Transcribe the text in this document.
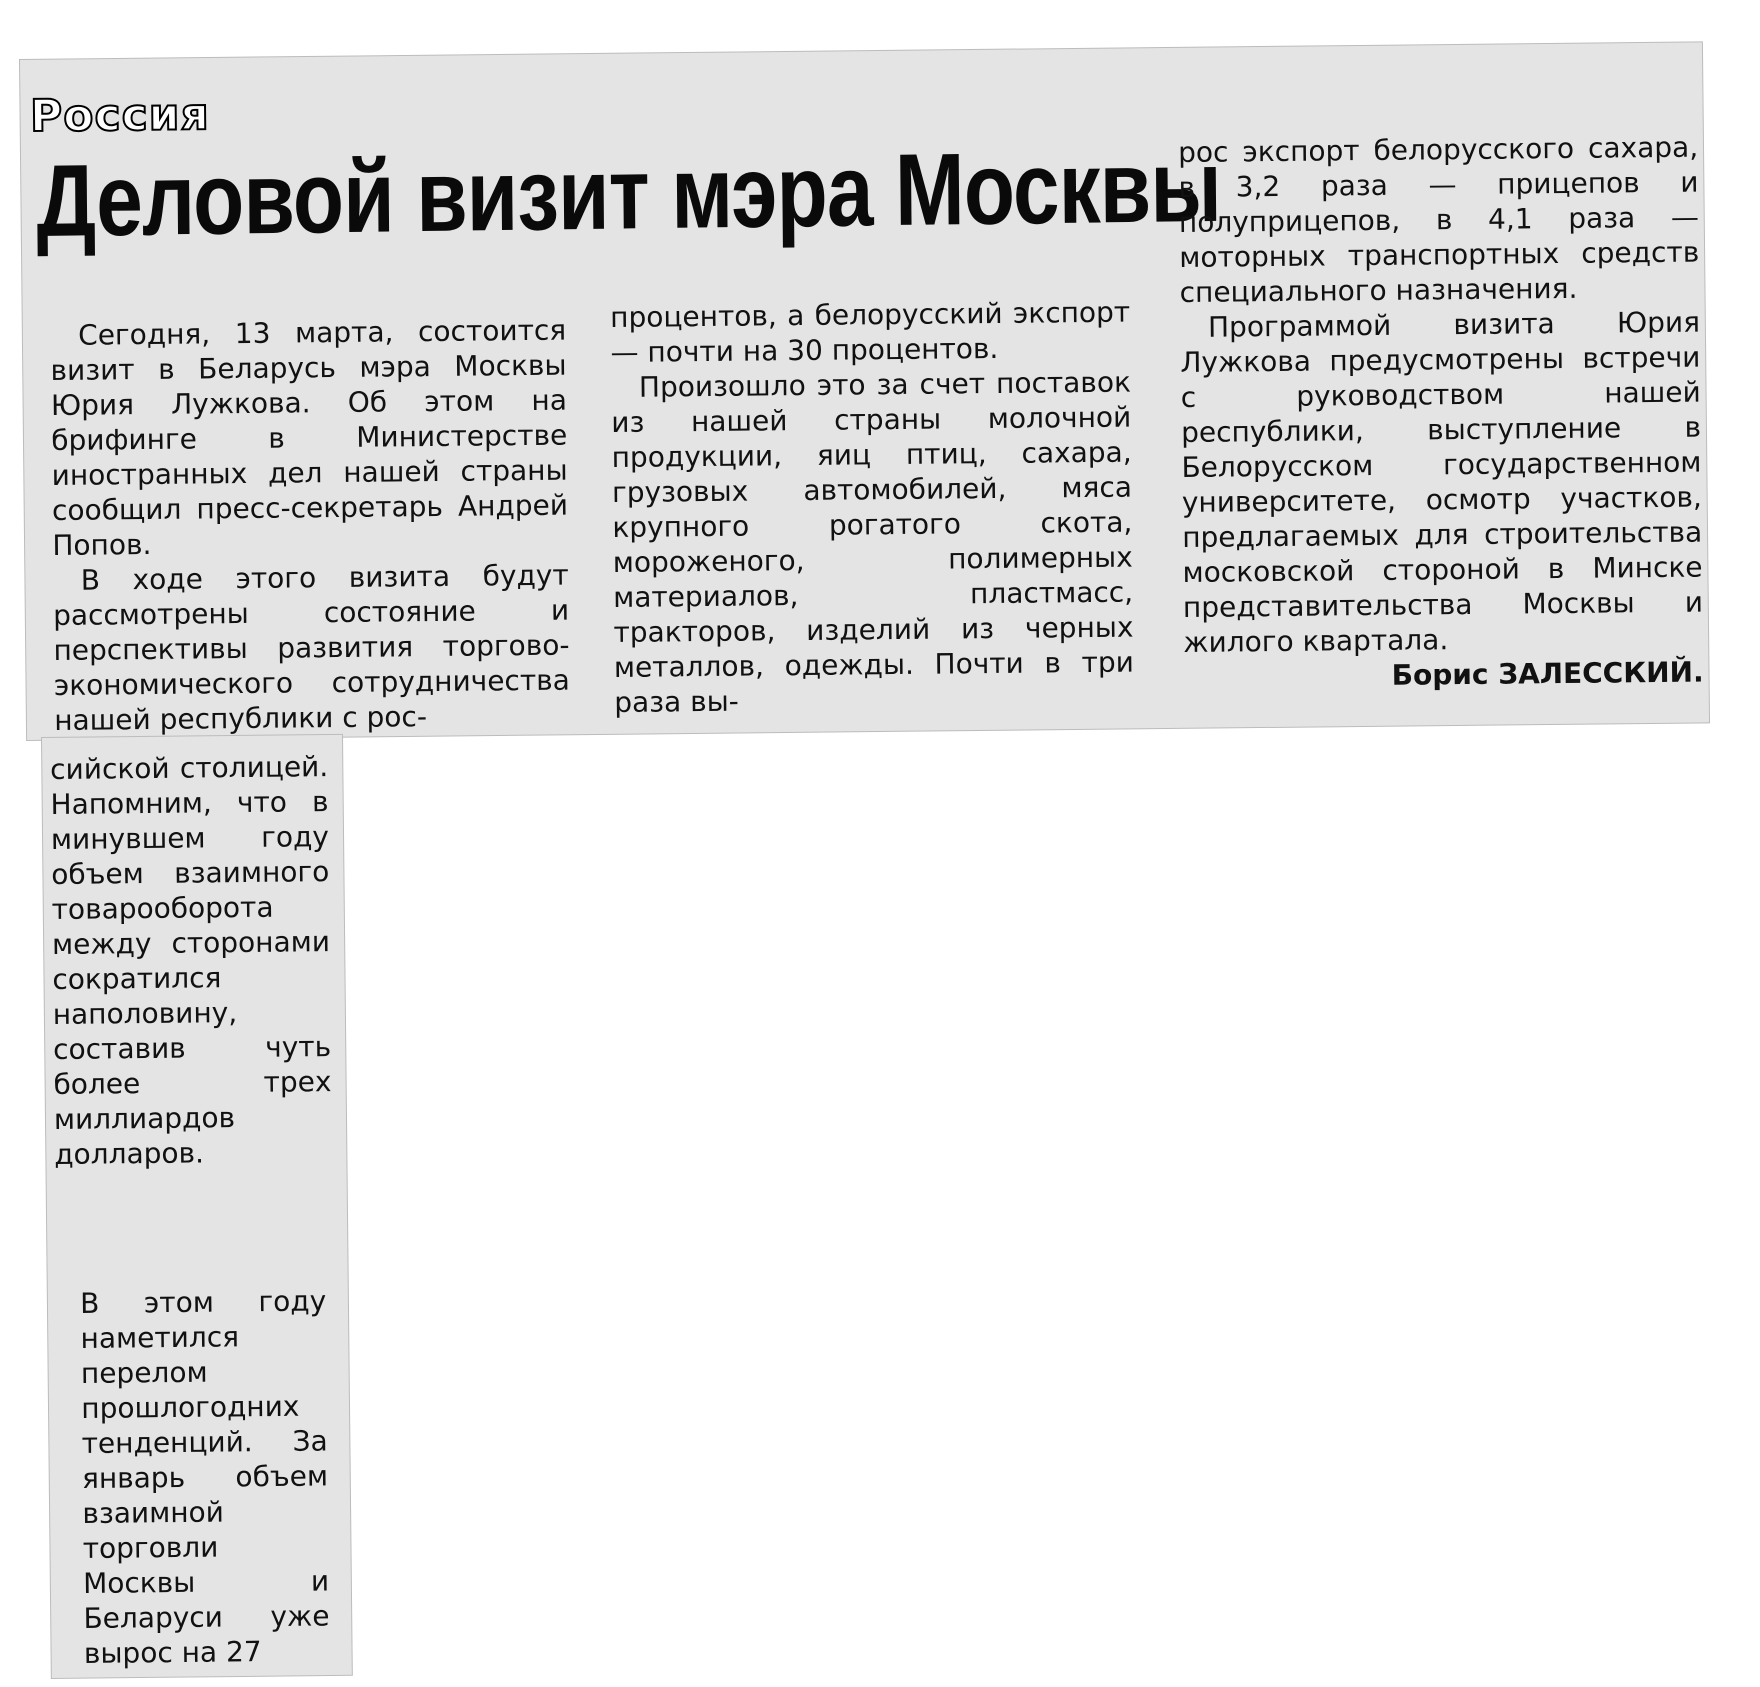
Россия
Деловой визит мэра Москвы

Сегодня, 13 марта, состоится визит в Беларусь мэра Москвы Юрия Лужкова. Об этом на брифинге в Министерстве иностранных дел нашей страны сообщил пресс-секретарь Андрей Попов.

В ходе этого визита будут рассмотрены состояние и перспективы развития торгово-экономического сотрудничества нашей республики с рос-

сийской столицей. Напомним, что в минувшем году объем взаимного товарооборота между сторонами сократился наполовину, составив чуть более трех миллиардов долларов.

В этом году наметился перелом прошлогодних тенденций. За январь объем взаимной торговли Москвы и Беларуси уже вырос на 27

процентов, а белорусский экспорт — почти на 30 процентов.

Произошло это за счет поставок из нашей страны молочной продукции, яиц птиц, сахара, грузовых автомобилей, мяса крупного рогатого скота, мороженого, полимерных материалов, пластмасс, тракторов, изделий из черных металлов, одежды. Почти в три раза вы-

рос экспорт белорусского сахара, в 3,2 раза — прицепов и полуприцепов, в 4,1 раза — моторных транспортных средств специального назначения.

Программой визита Юрия Лужкова предусмотрены встречи с руководством нашей республики, выступление в Белорусском государственном университете, осмотр участков, предлагаемых для строительства московской стороной в Минске представительства Москвы и жилого квартала.

Борис ЗАЛЕССКИЙ.
